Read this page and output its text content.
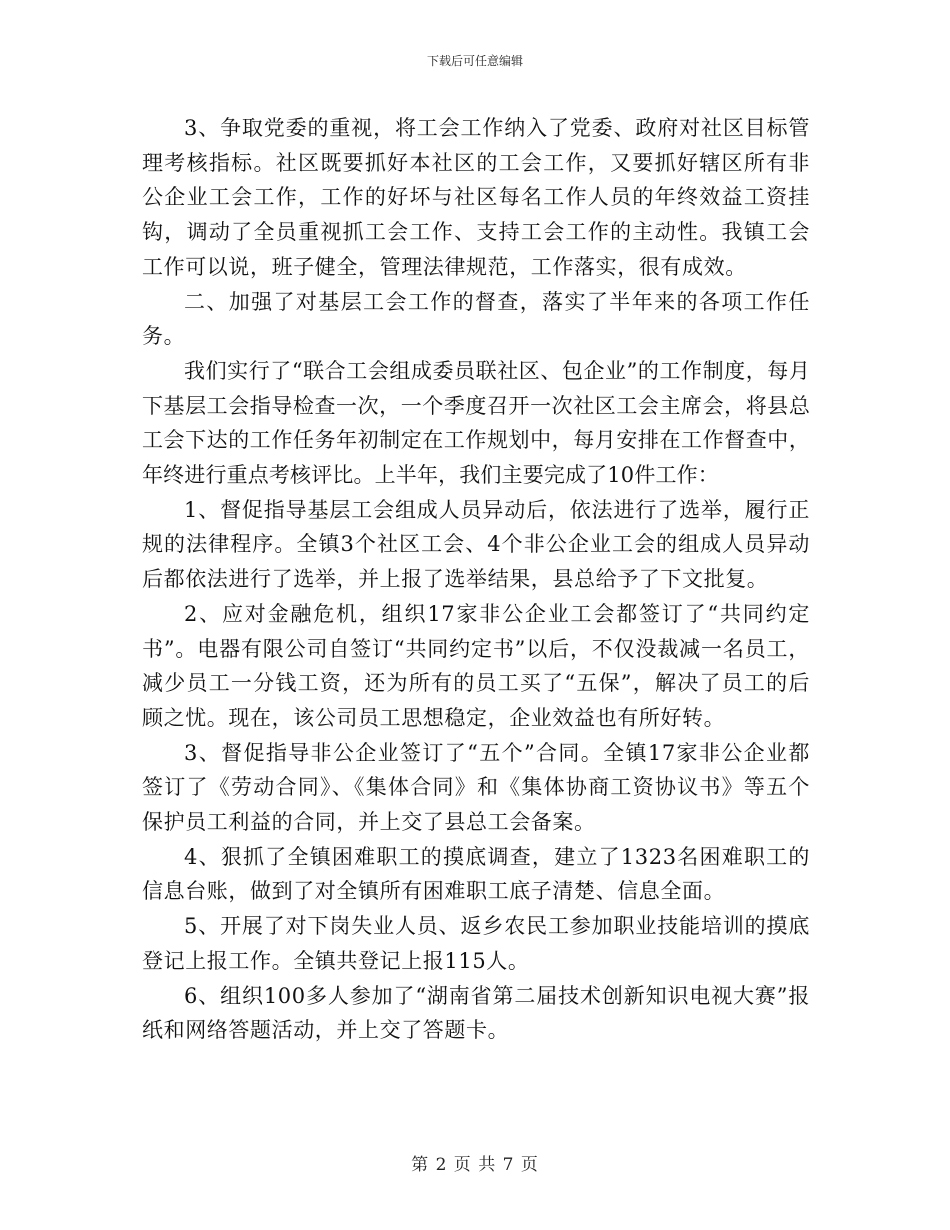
下载后可任意编辑

3、争取党委的重视，将工会工作纳入了党委、政府对社区目标管理考核指标。社区既要抓好本社区的工会工作，又要抓好辖区所有非公企业工会工作，工作的好坏与社区每名工作人员的年终效益工资挂钩，调动了全员重视抓工会工作、支持工会工作的主动性。我镇工会工作可以说，班子健全，管理法律规范，工作落实，很有成效。

二、加强了对基层工会工作的督查，落实了半年来的各项工作任务。

我们实行了“联合工会组成委员联社区、包企业”的工作制度，每月下基层工会指导检查一次，一个季度召开一次社区工会主席会，将县总工会下达的工作任务年初制定在工作规划中，每月安排在工作督查中，年终进行重点考核评比。上半年，我们主要完成了10件工作：

1、督促指导基层工会组成人员异动后，依法进行了选举，履行正规的法律程序。全镇3个社区工会、4个非公企业工会的组成人员异动后都依法进行了选举，并上报了选举结果，县总给予了下文批复。

2、应对金融危机，组织17家非公企业工会都签订了“共同约定书”。电器有限公司自签订“共同约定书”以后，不仅没裁减一名员工，减少员工一分钱工资，还为所有的员工买了“五保”，解决了员工的后顾之忧。现在，该公司员工思想稳定，企业效益也有所好转。

3、督促指导非公企业签订了“五个”合同。全镇17家非公企业都签订了《劳动合同》、《集体合同》和《集体协商工资协议书》等五个保护员工利益的合同，并上交了县总工会备案。

4、狠抓了全镇困难职工的摸底调查，建立了1323名困难职工的信息台账，做到了对全镇所有困难职工底子清楚、信息全面。

5、开展了对下岗失业人员、返乡农民工参加职业技能培训的摸底登记上报工作。全镇共登记上报115人。

6、组织100多人参加了“湖南省第二届技术创新知识电视大赛”报纸和网络答题活动，并上交了答题卡。

第 2 页 共 7 页
